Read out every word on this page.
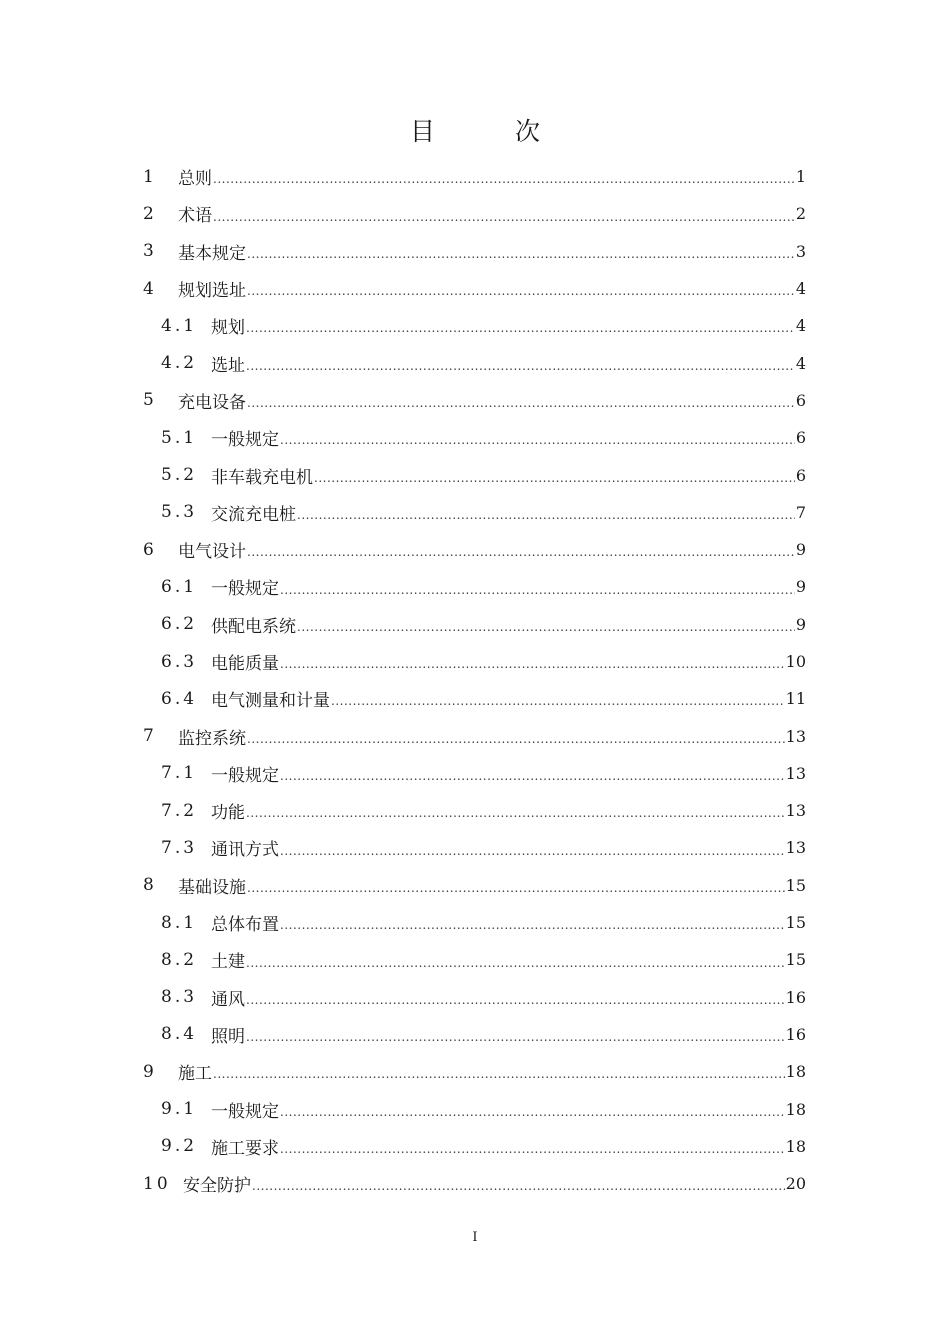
目 次
1	总则 .....	1
2	术语 .....	2
3	基本规定 .....	3
4	规划选址 .....	4
4.1 规划 .....	4
4.2 选址 .....	4
5	充电设备 .....	6
5.1 一般规定 .....	6
5.2 非车载充电机 .....	6
5.3 交流充电桩 .....	7
6	电气设计 .....	9
6.1 一般规定 .....	9
6.2 供配电系统 .....	9
6.3 电能质量 .....	10
6.4 电气测量和计量 .....	11
7	监控系统 .....	13
7.1 一般规定 .....	13
7.2 功能 .....	13
7.3 通讯方式 .....	13
8	基础设施 .....	15
8.1 总体布置 .....	15
8.2 土建 .....	15
8.3 通风 .....	16
8.4 照明 .....	16
9	施工 .....	18
9.1 一般规定 .....	18
9.2 施工要求 .....	18
10 安全防护 .....	20
I
